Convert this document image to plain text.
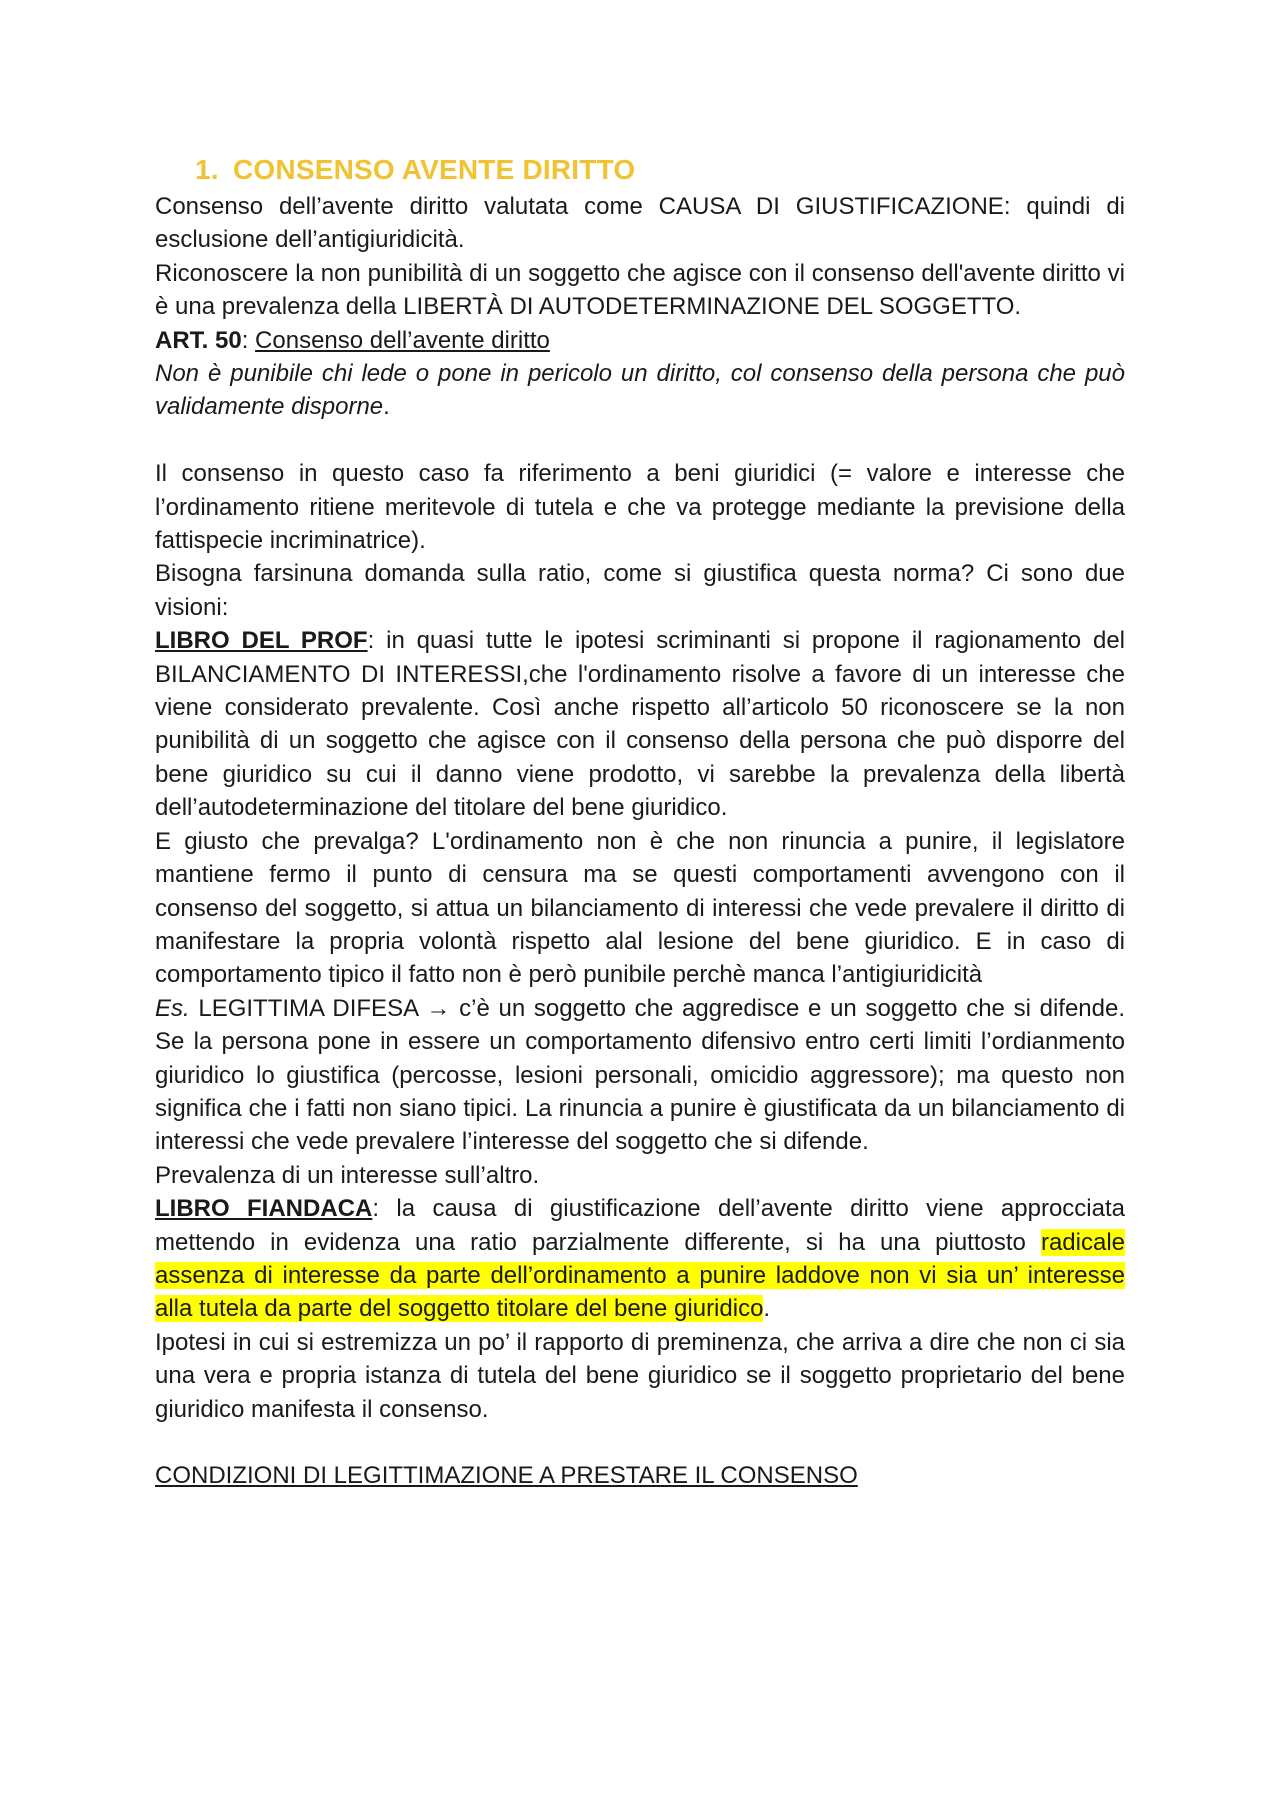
1. CONSENSO AVENTE DIRITTO

Consenso dell’avente diritto valutata come CAUSA DI GIUSTIFICAZIONE: quindi di esclusione dell’antigiuridicità.

Riconoscere la non punibilità di un soggetto che agisce con il consenso dell'avente diritto vi è una prevalenza della LIBERTÀ DI AUTODETERMINAZIONE DEL SOGGETTO.

ART. 50: Consenso dell’avente diritto

Non è punibile chi lede o pone in pericolo un diritto, col consenso della persona che può validamente disporne.

Il consenso in questo caso fa riferimento a beni giuridici (= valore e interesse che l’ordinamento ritiene meritevole di tutela e che va protegge mediante la previsione della fattispecie incriminatrice).

Bisogna farsinuna domanda sulla ratio, come si giustifica questa norma? Ci sono due visioni:

LIBRO DEL PROF: in quasi tutte le ipotesi scriminanti si propone il ragionamento del BILANCIAMENTO DI INTERESSI,che l'ordinamento risolve a favore di un interesse che viene considerato prevalente. Così anche rispetto all’articolo 50 riconoscere se la non punibilità di un soggetto che agisce con il consenso della persona che può disporre del bene giuridico su cui il danno viene prodotto, vi sarebbe la prevalenza della libertà dell’autodeterminazione del titolare del bene giuridico.

E giusto che prevalga? L'ordinamento non è che non rinuncia a punire, il legislatore mantiene fermo il punto di censura ma se questi comportamenti avvengono con il consenso del soggetto, si attua un bilanciamento di interessi che vede prevalere il diritto di manifestare la propria volontà rispetto alal lesione del bene giuridico. E in caso di comportamento tipico il fatto non è però punibile perchè manca l’antigiuridicità

Es. LEGITTIMA DIFESA → c’è un soggetto che aggredisce e un soggetto che si difende. Se la persona pone in essere un comportamento difensivo entro certi limiti l’ordianmento giuridico lo giustifica (percosse, lesioni personali, omicidio aggressore); ma questo non significa che i fatti non siano tipici. La rinuncia a punire è giustificata da un bilanciamento di interessi che vede prevalere l’interesse del soggetto che si difende.

Prevalenza di un interesse sull’altro.

LIBRO FIANDACA: la causa di giustificazione dell’avente diritto viene approcciata mettendo in evidenza una ratio parzialmente differente, si ha una piuttosto radicale assenza di interesse da parte dell’ordinamento a punire laddove non vi sia un’ interesse alla tutela da parte del soggetto titolare del bene giuridico.

Ipotesi in cui si estremizza un po’ il rapporto di preminenza, che arriva a dire che non ci sia una vera e propria istanza di tutela del bene giuridico se il soggetto proprietario del bene giuridico manifesta il consenso.

CONDIZIONI DI LEGITTIMAZIONE A PRESTARE IL CONSENSO
